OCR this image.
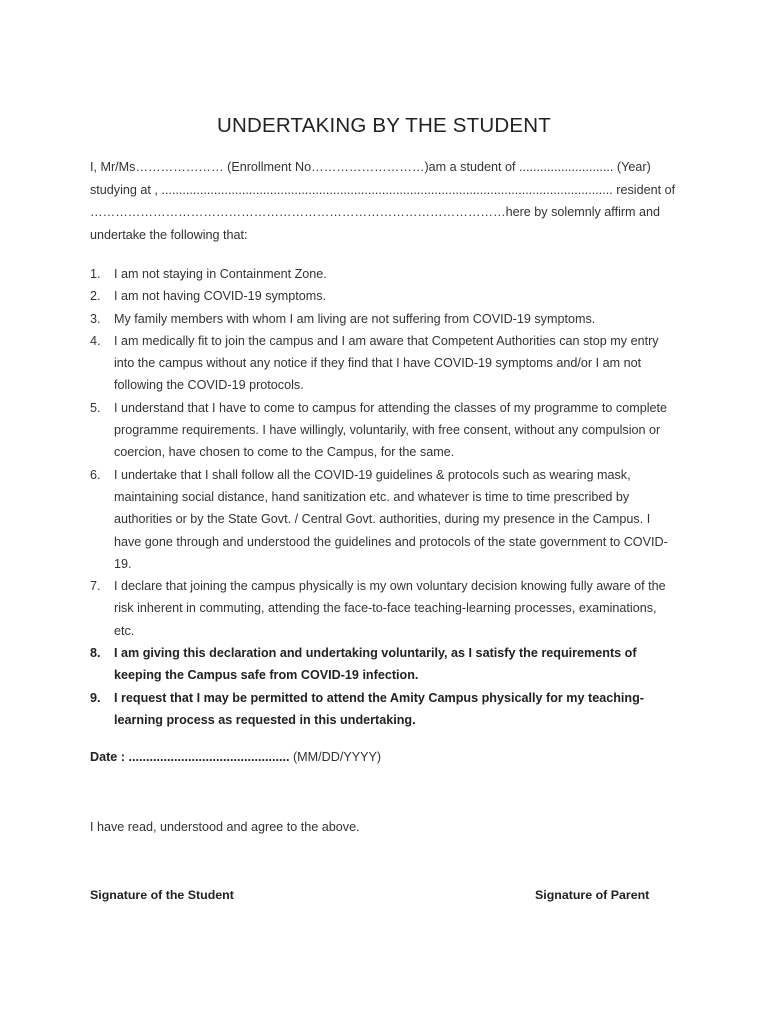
UNDERTAKING BY THE STUDENT
I, Mr/Ms………………… (Enrollment No………………………)am a student of ........................... (Year)
studying at , ................................................................................................................................. resident of
………………………………………………………………………………………here by solemnly affirm and
undertake the following that:
1. I am not staying in Containment Zone.
2. I am not having COVID-19 symptoms.
3. My family members with whom I am living are not suffering from COVID-19 symptoms.
4. I am medically fit to join the campus and I am aware that Competent Authorities can stop my entry into the campus without any notice if they find that I have COVID-19 symptoms and/or I am not following the COVID-19 protocols.
5. I understand that I have to come to campus for attending the classes of my programme to complete programme requirements. I have willingly, voluntarily, with free consent, without any compulsion or coercion, have chosen to come to the Campus, for the same.
6. I undertake that I shall follow all the COVID-19 guidelines & protocols such as wearing mask, maintaining social distance, hand sanitization etc. and whatever is time to time prescribed by authorities or by the State Govt. / Central Govt. authorities, during my presence in the Campus. I have gone through and understood the guidelines and protocols of the state government to COVID-19.
7. I declare that joining the campus physically is my own voluntary decision knowing fully aware of the risk inherent in commuting, attending the face-to-face teaching-learning processes, examinations, etc.
8. I am giving this declaration and undertaking voluntarily, as I satisfy the requirements of keeping the Campus safe from COVID-19 infection.
9. I request that I may be permitted to attend the Amity Campus physically for my teaching-learning process as requested in this undertaking.
Date : .............................................. (MM/DD/YYYY)
I have read, understood and agree to the above.
Signature of the Student	Signature of Parent
